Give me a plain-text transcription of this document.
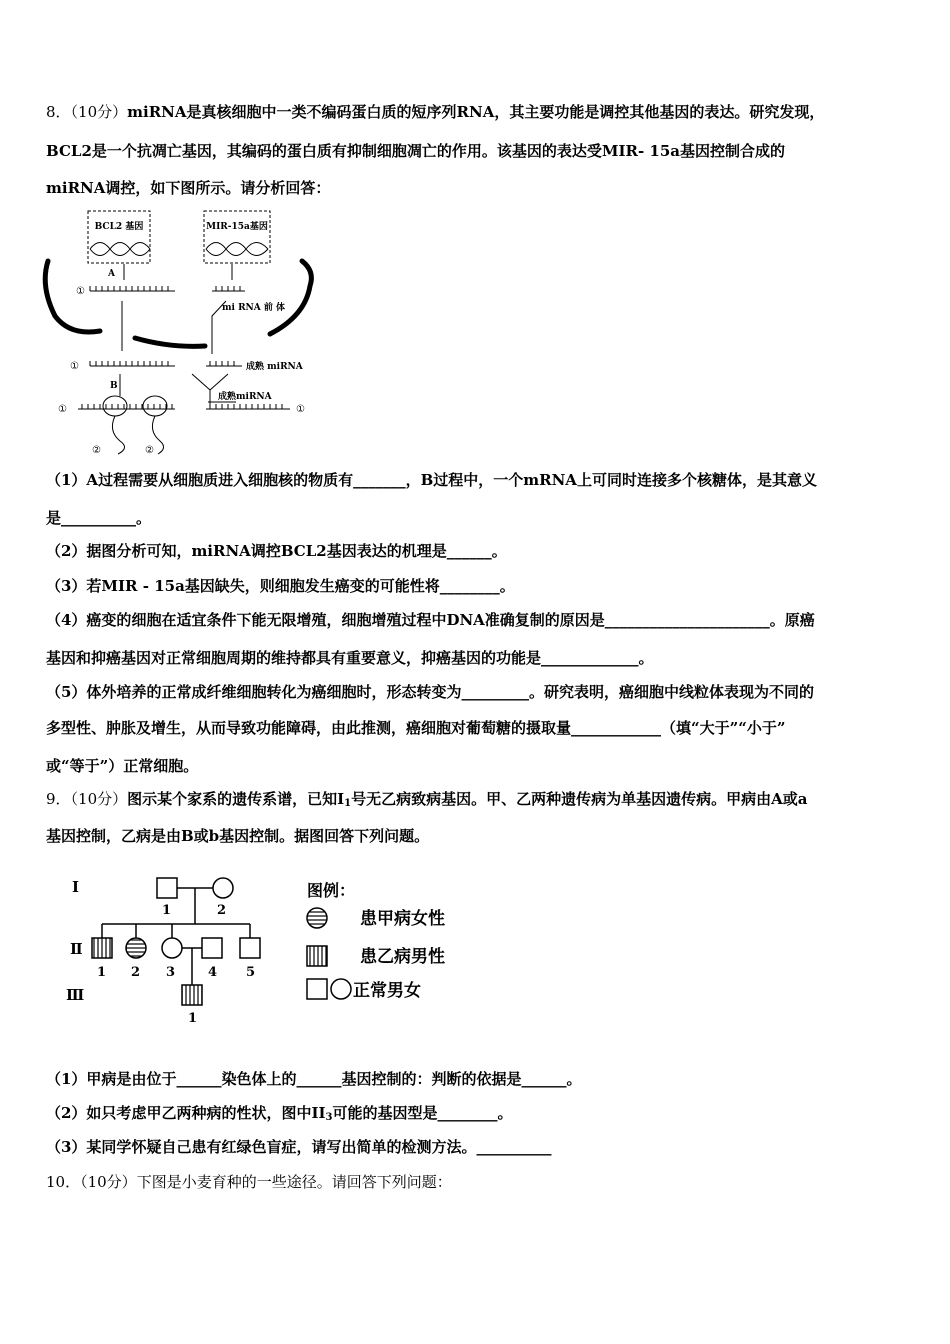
8．（10分）miRNA是真核细胞中一类不编码蛋白质的短序列RNA，其主要功能是调控其他基因的表达。研究发现，
BCL2是一个抗凋亡基因，其编码的蛋白质有抑制细胞凋亡的作用。该基因的表达受MIR- 15a基因控制合成的
miRNA调控，如下图所示。请分析回答：
BCL2 基因	MIR-15a基因
A
①
mi RNA 前 体
①	成熟 miRNA
B
成熟miRNA
①
②	②
①
（1）A过程需要从细胞质进入细胞核的物质有_______，B过程中，一个mRNA上可同时连接多个核糖体，是其意义
是__________。
（2）据图分析可知，miRNA调控BCL2基因表达的机理是______。
（3）若MIR - 15a基因缺失，则细胞发生癌变的可能性将________。
（4）癌变的细胞在适宜条件下能无限增殖，细胞增殖过程中DNA准确复制的原因是______________________。原癌
基因和抑癌基因对正常细胞周期的维持都具有重要意义，抑癌基因的功能是_____________。
（5）体外培养的正常成纤维细胞转化为癌细胞时，形态转变为_________。研究表明，癌细胞中线粒体表现为不同的
多型性、肿胀及增生，从而导致功能障碍，由此推测，癌细胞对葡萄糖的摄取量____________（填“大于”“小于”
或“等于”）正常细胞。
9．（10分）图示某个家系的遗传系谱，已知Ⅰ1号无乙病致病基因。甲、乙两种遗传病为单基因遗传病。甲病由A或a
基因控制，乙病是由B或b基因控制。据图回答下列问题。
Ⅰ
Ⅱ
Ⅲ
1	2
1 2 3	4 5
1
图例：
患甲病女性
患乙病男性
正常男女
（1）甲病是由位于______染色体上的______基因控制的：判断的依据是______。
（2）如只考虑甲乙两种病的性状，图中II3可能的基因型是________。
（3）某同学怀疑自己患有红绿色盲症，请写出简单的检测方法。__________
10．（10分）下图是小麦育种的一些途径。请回答下列问题：
